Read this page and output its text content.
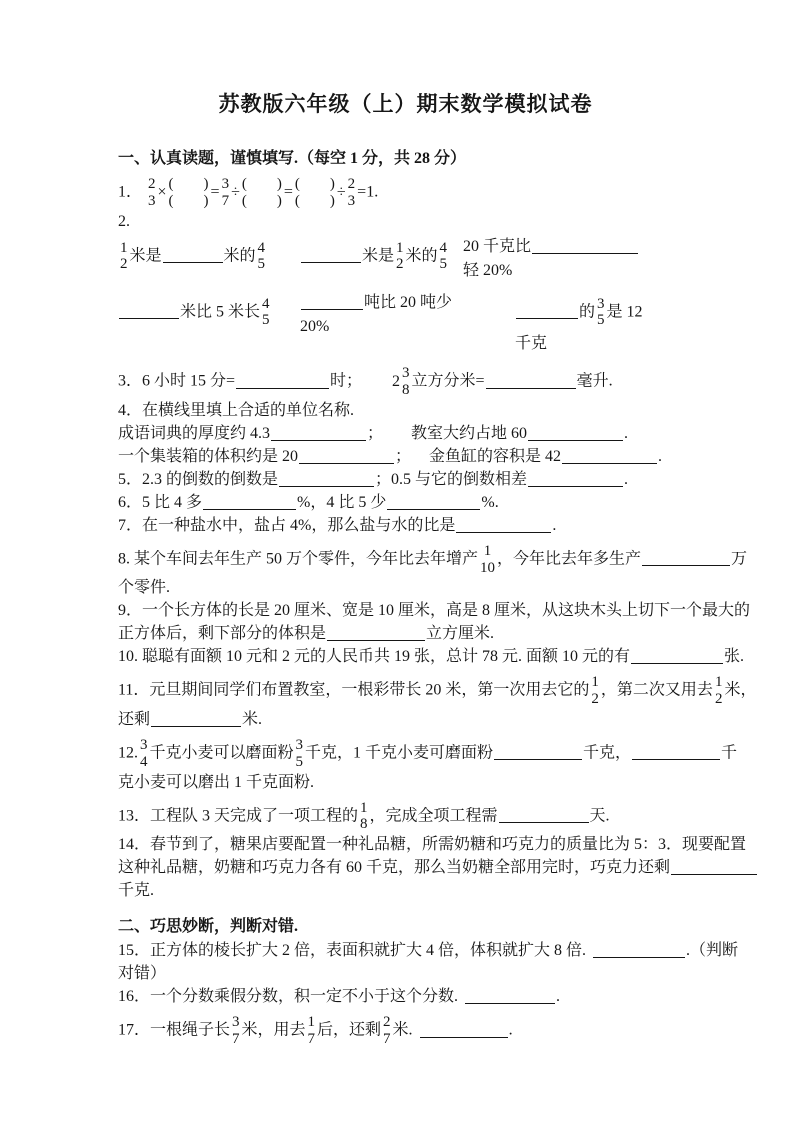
苏教版六年级（上）期末数学模拟试卷
一、认真读题，谨慎填写.（每空 1 分，共 28 分）
1． 2
3
× (        )
(        )
= 3
7
÷ (        )
(        )
= (        )
(        )
÷ 2
3
=1.
2.
1
2
米是	米的 4
5
米是 1
2
米的 4
5
20 千克比
轻 20%
米比 5 米长 4
5
吨比 20 吨少
20%
的 3
5
是 12
千克
3．6 小时 15 分=	时； 2 3
8
立方分米=	毫升.
4．在横线里填上合适的单位名称.
成语词典的厚度约 4.3	； 教室大约占地 60	.
一个集装箱的体积约是 20	； 金鱼缸的容积是 42	.
5．2.3 的倒数的倒数是	；0.5 与它的倒数相差	.
6．5 比 4 多	%，4 比 5 少	%.
7．在一种盐水中，盐占 4%，那么盐与水的比是	.
8. 某个车间去年生产 50 万个零件，今年比去年增产 1
10
，今年比去年多生产	万
个零件.
9．一个长方体的长是 20 厘米、宽是 10 厘米，高是 8 厘米，从这块木头上切下一个最大的
正方体后，剩下部分的体积是	立方厘米.
10. 聪聪有面额 10 元和 2 元的人民币共 19 张，总计 78 元. 面额 10 元的有	张.
11．元旦期间同学们布置教室，一根彩带长 20 米，第一次用去它的 1
2
，第二次又用去 1
2
米，
还剩	米.
12. 3
4
千克小麦可以磨面粉 3
5
千克，1 千克小麦可磨面粉	千克，	千
克小麦可以磨出 1 千克面粉.
13．工程队 3 天完成了一项工程的 1
8
，完成全项工程需	天.
14．春节到了，糖果店要配置一种礼品糖，所需奶糖和巧克力的质量比为 5：3．现要配置
这种礼品糖，奶糖和巧克力各有 60 千克，那么当奶糖全部用完时，巧克力还剩
千克.
二、巧思妙断，判断对错.
15．正方体的棱长扩大 2 倍，表面积就扩大 4 倍，体积就扩大 8 倍.	.（判断
对错）
16．一个分数乘假分数，积一定不小于这个分数.	.
17．一根绳子长 3
7
米，用去 1
7
后，还剩 2
7
米.	.
